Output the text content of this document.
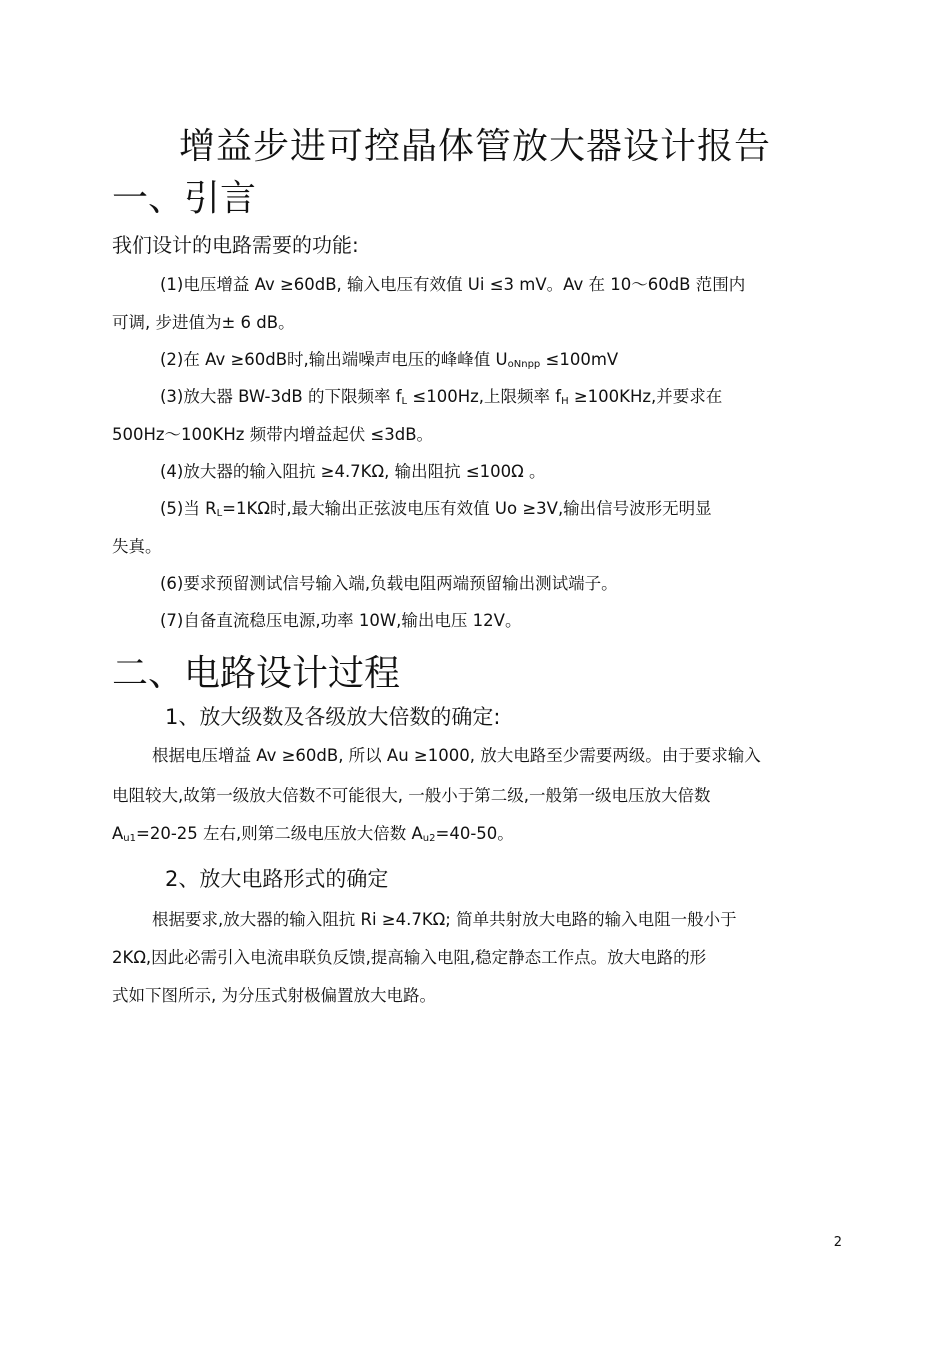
增益步进可控晶体管放大器设计报告
一、引言
我们设计的电路需要的功能:
(1)电压增益 Av ≥60dB, 输入电压有效值 Ui ≤3 mV。Av 在 10～60dB 范围内
可调, 步进值为± 6 dB。
(2)在 Av ≥60dB时,输出端噪声电压的峰峰值 $U_{oNnpp} \le 100mV$
(3)放大器 BW-3dB 的下限频率 $f_L \le 100Hz$,上限频率 $f_H \ge 100KHz$,并要求在
500Hz～100KHz 频带内增益起伏 ≤3dB。
(4)放大器的输入阻抗 ≥4.7KΩ, 输出阻抗 ≤100Ω 。
(5)当 $R_L=1K\Omega$时,最大输出正弦波电压有效值 Uo ≥3V,输出信号波形无明显
失真。
(6)要求预留测试信号输入端,负载电阻两端预留输出测试端子。
(7)自备直流稳压电源,功率 10W,输出电压 12V。
二、电路设计过程
1、放大级数及各级放大倍数的确定:
根据电压增益 Av ≥60dB, 所以 Au ≥1000, 放大电路至少需要两级。由于要求输入
电阻较大,故第一级放大倍数不可能很大, 一般小于第二级,一般第一级电压放大倍数
$A_{u1}=20-25$ 左右,则第二级电压放大倍数 $A_{u2}=40-50$。
2、放大电路形式的确定
根据要求,放大器的输入阻抗 Ri ≥4.7KΩ; 简单共射放大电路的输入电阻一般小于
2KΩ,因此必需引入电流串联负反馈,提高输入电阻,稳定静态工作点。放大电路的形
式如下图所示, 为分压式射极偏置放大电路。
2
